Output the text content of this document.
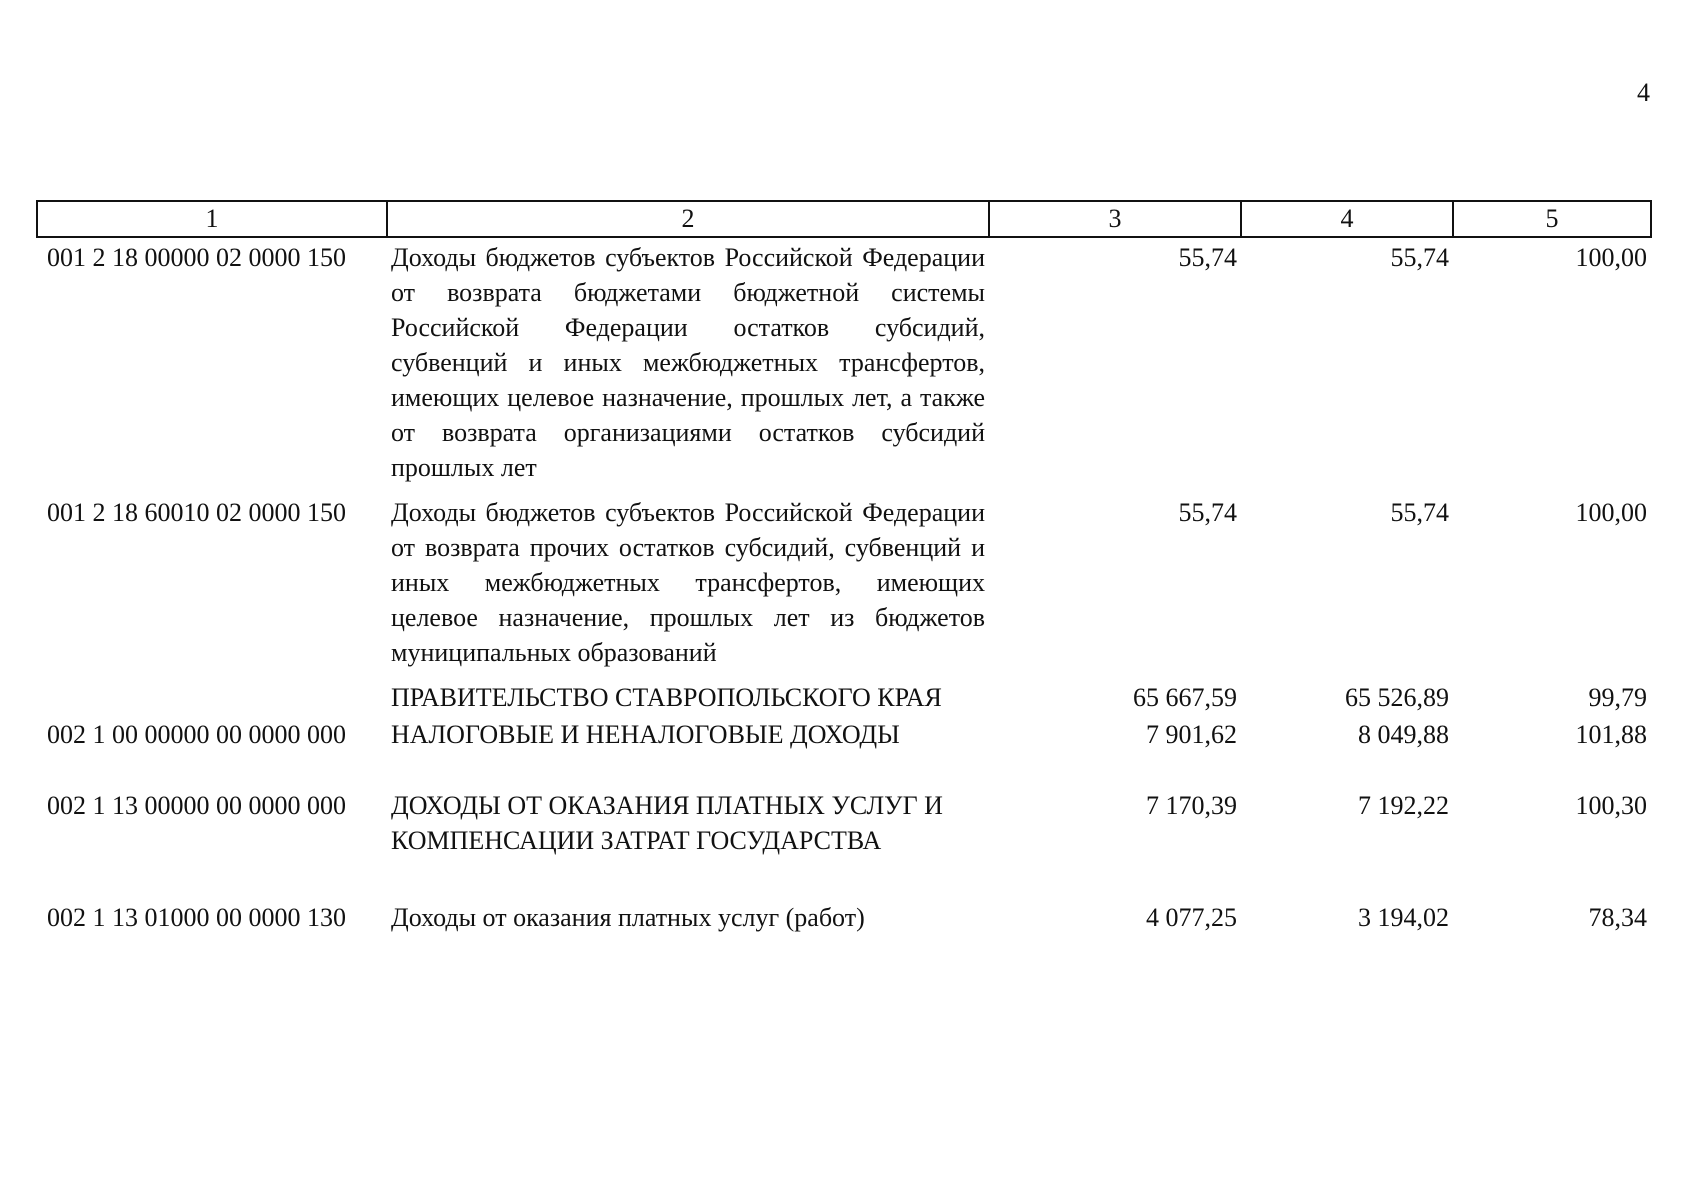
4
1	2	3	4	5
001 2 18 00000 02 0000 150	Доходы бюджетов субъектов Российской Федерации от возврата бюджетами бюджетной системы Российской Федерации остатков субсидий, субвенций и иных межбюджетных трансфертов, имеющих целевое назначение, прошлых лет, а также от возврата организациями остатков субсидий прошлых лет	55,74	55,74	100,00
001 2 18 60010 02 0000 150	Доходы бюджетов субъектов Российской Федерации от возврата прочих остатков субсидий, субвенций и иных межбюджетных трансфертов, имеющих целевое назначение, прошлых лет из бюджетов муниципальных образований	55,74	55,74	100,00
	ПРАВИТЕЛЬСТВО СТАВРОПОЛЬСКОГО КРАЯ	65 667,59	65 526,89	99,79
002 1 00 00000 00 0000 000	НАЛОГОВЫЕ И НЕНАЛОГОВЫЕ ДОХОДЫ	7 901,62	8 049,88	101,88
002 1 13 00000 00 0000 000	ДОХОДЫ ОТ ОКАЗАНИЯ ПЛАТНЫХ УСЛУГ И КОМПЕНСАЦИИ ЗАТРАТ ГОСУДАРСТВА	7 170,39	7 192,22	100,30
002 1 13 01000 00 0000 130	Доходы от оказания платных услуг (работ)	4 077,25	3 194,02	78,34
